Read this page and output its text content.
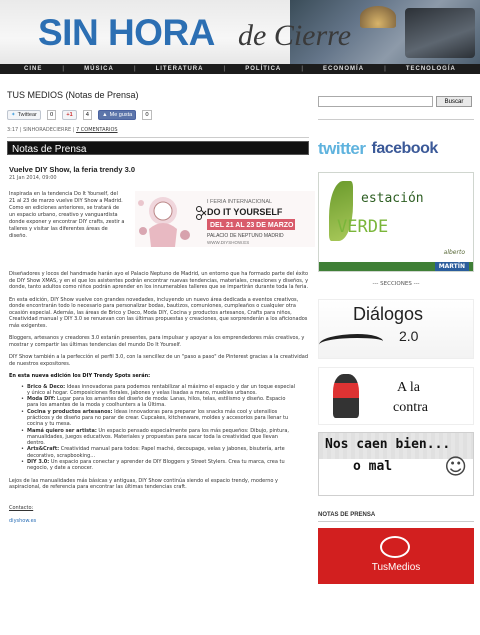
SIN HORA de Cierre
CINE	|	MÚSICA	|	LITERATURA	|	POLÍTICA	|	ECONOMÍA	|	TECNOLOGÍA
TUS MEDIOS (Notas de Prensa)
✦ Twittear	0	+1	4	▲ Me gusta	0
3:17 | SINHORADECIERRE | 7 COMENTARIOS
Notas de Prensa
Vuelve DIY Show, la feria trendy 3.0
21 Jan 2014, 09:00
Inspirada en la tendencia Do It Yourself, del 21 al 23 de marzo vuelve DIY Show a Madrid. Como en ediciones anteriores, se tratará de un espacio urbano, creativo y vanguardista donde exponer y encontrar DIY crafts, zestir a talleres y visitar las diferentes áreas de diseño.
I FERIA INTERNACIONAL
DO IT YOURSELF
DEL 21 AL 23 DE MARZO
PALACIO DE NEPTUNO MADRID
WWW.DIYSHOW.ES
Diseñadores y locos del handmade harán ayo el Palacio Neptuno de Madrid, un entorno que ha formado parte del éxito de DIY Show XMAS, y en el que los asistentes podrán encontrar nuevas tendencias, materiales, creaciones y diseños, y donde, tanto adultos como niños podrán aprender en los innumerables talleres que se impartirán durante toda la feria.
En esta edición, DIY Show vuelve con grandes novedades, incluyendo un nuevo área dedicada a eventos creativos, donde encontrarán todo lo necesario para personalizar bodas, bautizos, comuniones, cumpleaños o cualquier otra ocasión especial. Además, las áreas de Brico y Deco, Moda DIY, Cocina y productos artesanos, Crafts para niños, Creatividad manual y DIY 3.0 se renuevan con las últimas propuestas y creaciones, que sorprenderán a los aficionados más exigentes.
Bloggers, artesanos y creadores 3.0 estarán presentes, para impulsar y apoyar a los emprendedores más creativos, y mostrar y compartir las últimas tendencias del mundo Do It Yourself.
DIY Show también a la perfección el perfil 3.0, con la sencillez de un "paso a paso" de Pinterest gracias a la creatividad de nuestros expositores.
En esta nueva edición los DIY Trendy Spots serán:
• Brico & Deco: Ideas innovadoras para podemos rentabilizar al máximo el espacio y dar un toque especial y único al hogar. Composiciones florales, jabones y velas lisadas a mano, muebles urbanos.
• Moda DIY: Lugar para los amantes del diseño de moda: Lanas, hilos, telas, estilismo y diseño. Espacio para los amantes de la moda y coolhunters a la Última.
• Cocina y productos artesanos: Ideas innovadoras para preparar los snacks más cool y utensilios prácticos y de diseño para no parar de crear. Cupcakes, kitchenware, moldes y accesorios para llenar tu cocina y tu mesa.
• Mamá quiero ser artista: Un espacio pensado especialmente para los más pequeños: Dibujo, pintura, manualidades, juegos educativos. Materiales y propuestas para sacar toda la creatividad que llevan dentro.
• Arts&Craft: Creatividad manual para todos: Papel maché, decoupage, velas y jabones, bisutería, arte decorativo, scrapbooking...
• DIY 3.0: Un espacio para conectar y aprender de DIY Bloggers y Street Stylers. Crea tu marca, crea tu negocio, y date a conocer.
Lejos de las manualidades más básicas y antiguas, DIY Show continúa siendo el espacio trendy, moderno y aspiracional, de referencia para encontrar las últimas tendencias craft.
Contacto:
diyshow.es
Buscar
twitter facebook
estación
VERDE
alberto
MARTÍN
--- SECCIONES ---
Diálogos
2.0
A la
contra
Nos caen bien...
o mal ☺
NOTAS DE PRENSA
TusMedios
